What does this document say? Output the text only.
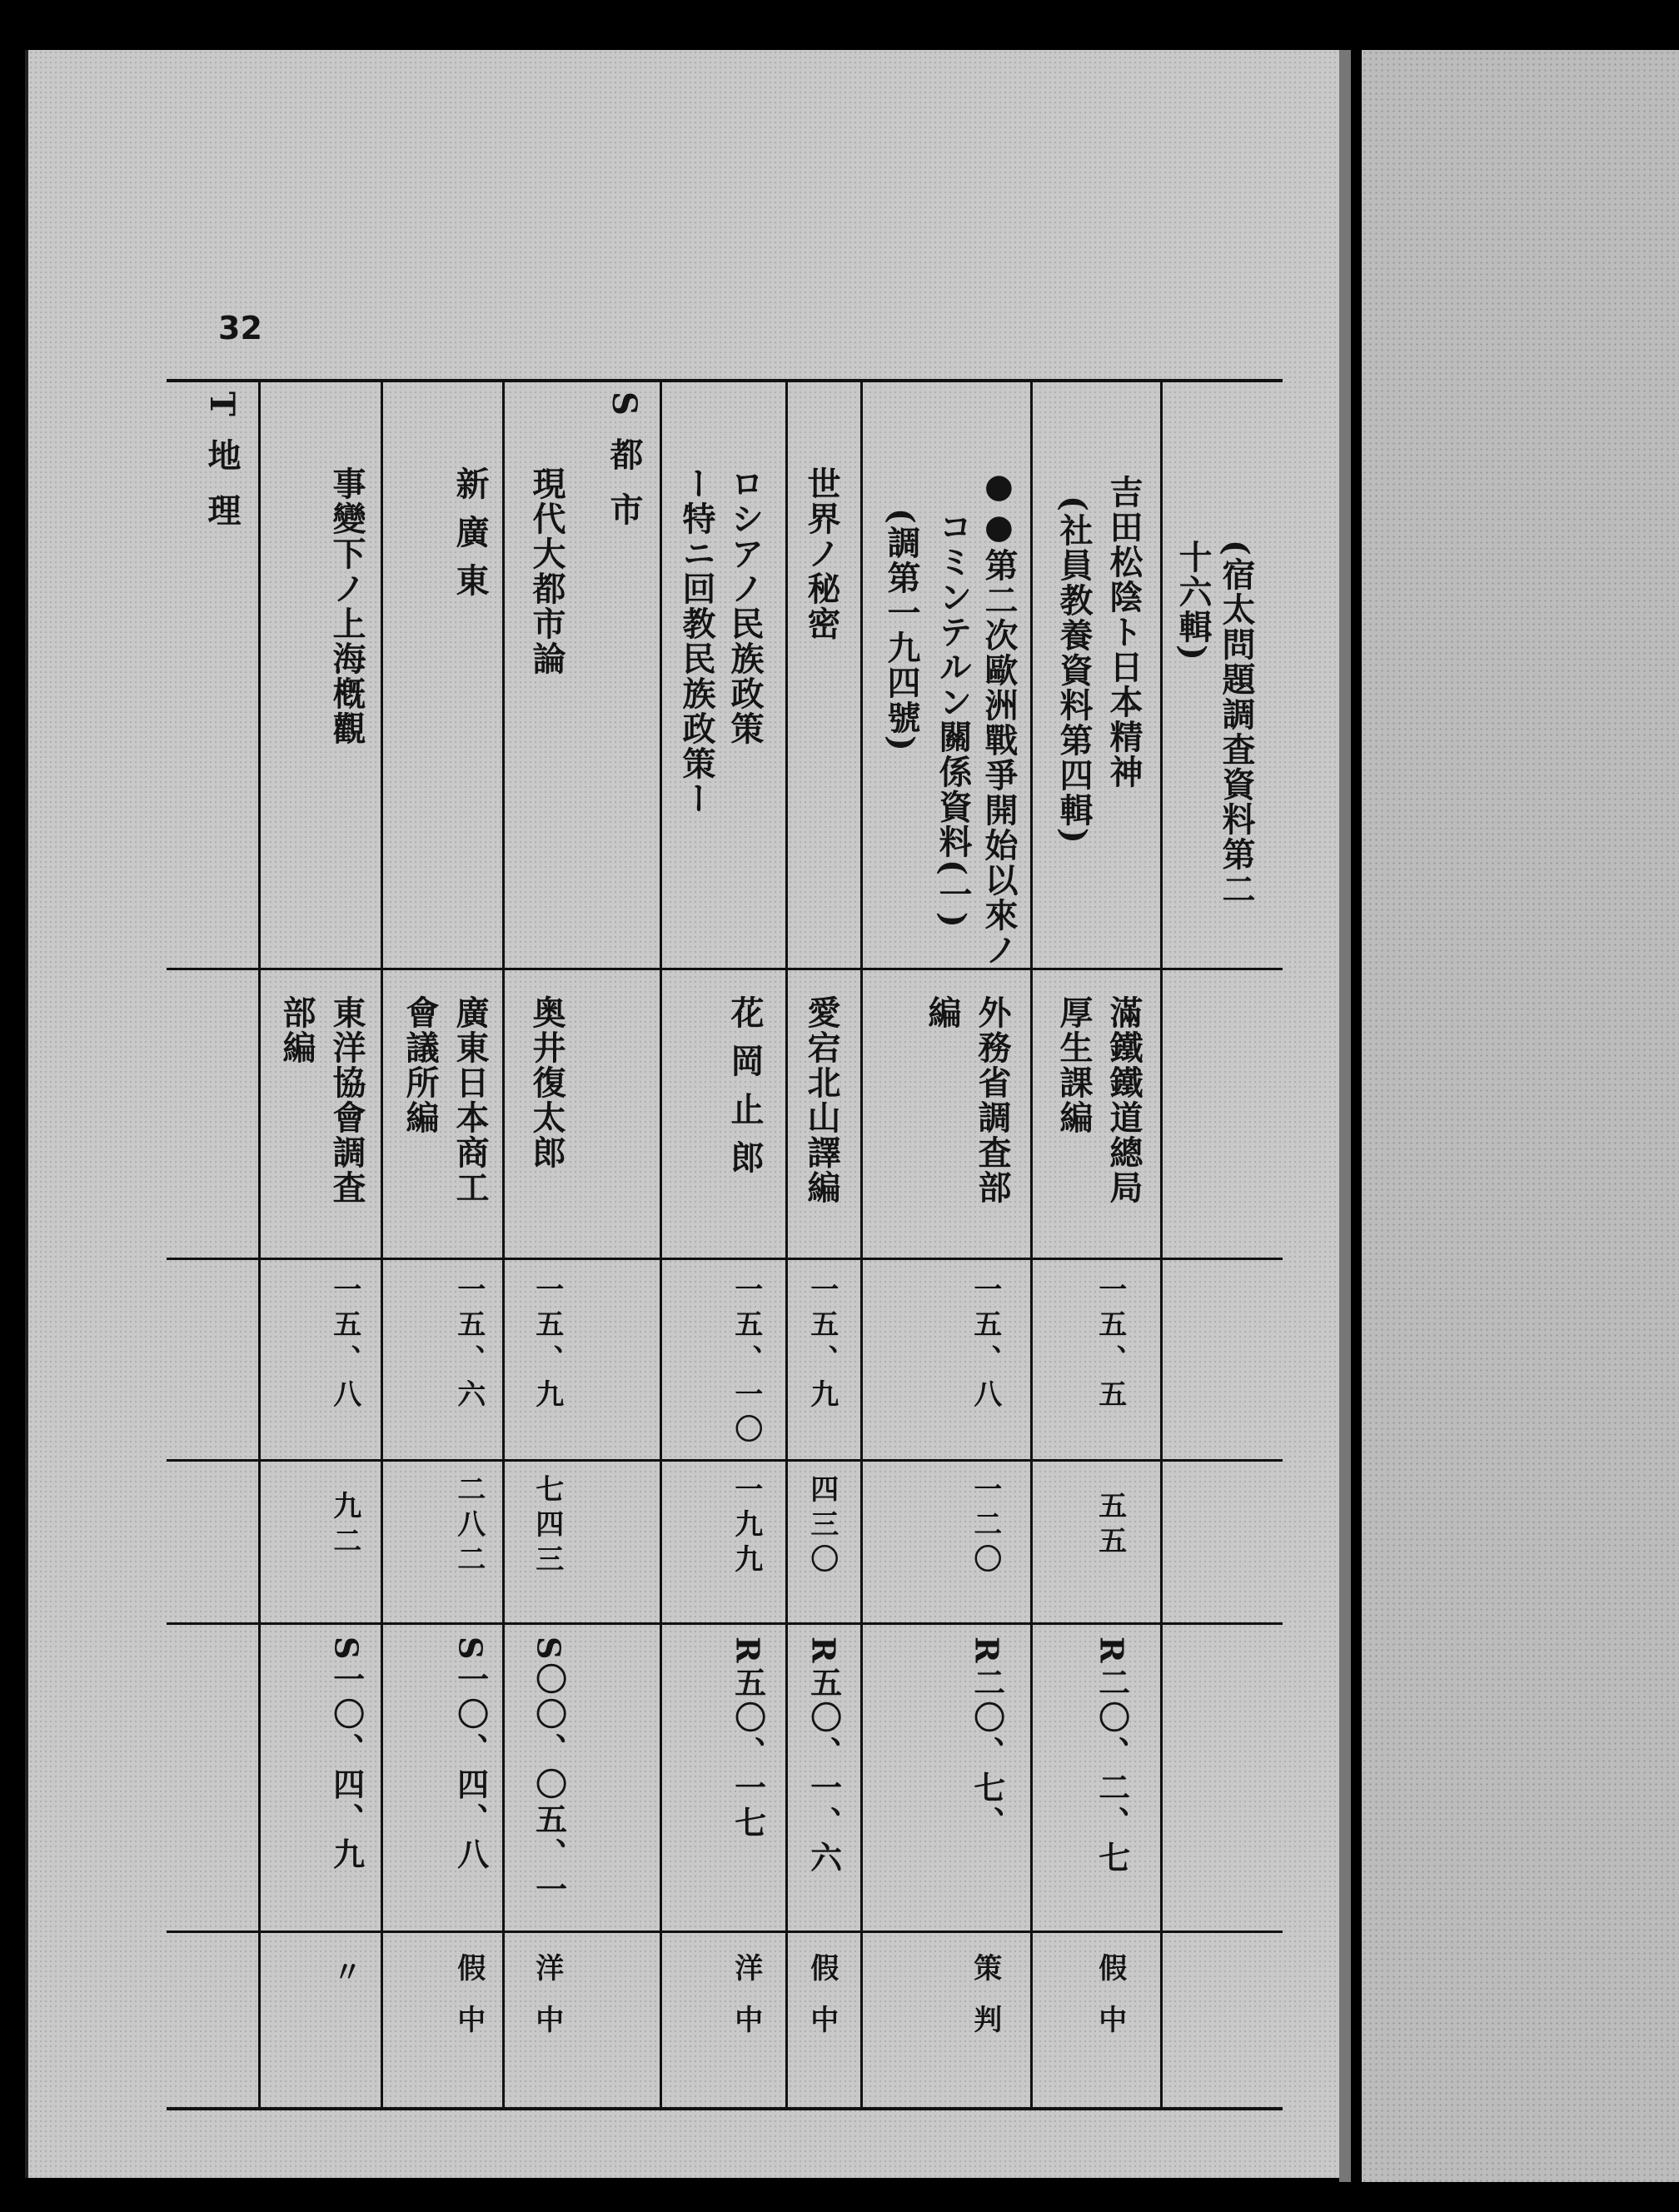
32
(宿太問題調査資料第二
十六輯)
吉田松陰ト日本精神
(社員教養資料第四輯)
滿鐵鐵道總局
厚生課編
一五、五
五五
R二〇、二、七
假 中
●●第二次歐洲戰爭開始以來ノ
コミンテルン關係資料(一)
(調第一九四號)
外務省調査部
編
一五、八
一二〇
R二〇、七、
策 判
世界ノ秘密
愛宕北山譯編
一五、九
四三〇
R五〇、一、六
假 中
ロシアノ民族政策
ー特ニ回教民族政策ー
花 岡 止 郎
一五、一〇
一九九
R五〇、一七
洋 中
S 都 市
現代大都市論
奥井復太郎
一五、九
七四三
S〇〇、〇五、一
洋 中
新 廣 東
廣東日本商工
會議所編
一五、六
二八二
S一〇、四、八
假 中
事變下ノ上海槪觀
東洋協會調査
部編
一五、八
九二
S一〇、四、九
〃
T 地 理
